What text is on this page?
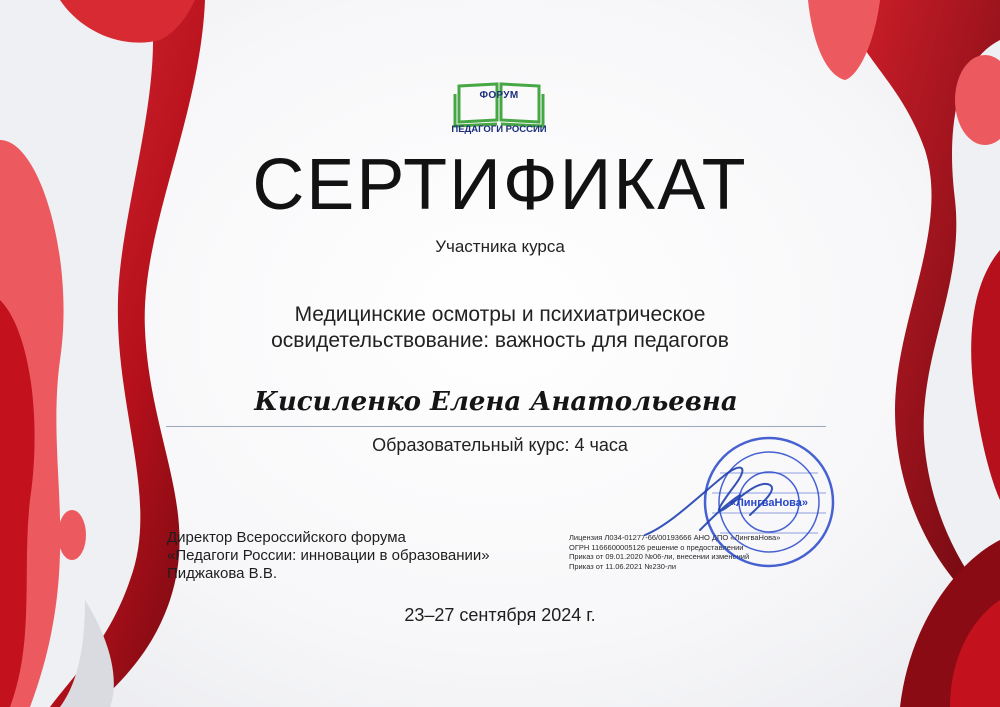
ФОРУМ
ПЕДАГОГИ РОССИИ
СЕРТИФИКАТ
Участника курса
Медицинские осмотры и психиатрическое
освидетельствование: важность для педагогов
Кисиленко Елена Анатольевна
Образовательный курс: 4 часа
Директор Всероссийского форума
«Педагоги России: инновации в образовании»
Пиджакова В.В.
Лицензия Л034-01277-66/00193666 АНО ДПО «ЛингваНова»
ОГРН 1166600005126 решение о предоставлении
Приказ от 09.01.2020 №06-ли, внесении изменений
Приказ от 11.06.2021 №230-ли
«ЛингваНова»
23–27 сентября 2024 г.
